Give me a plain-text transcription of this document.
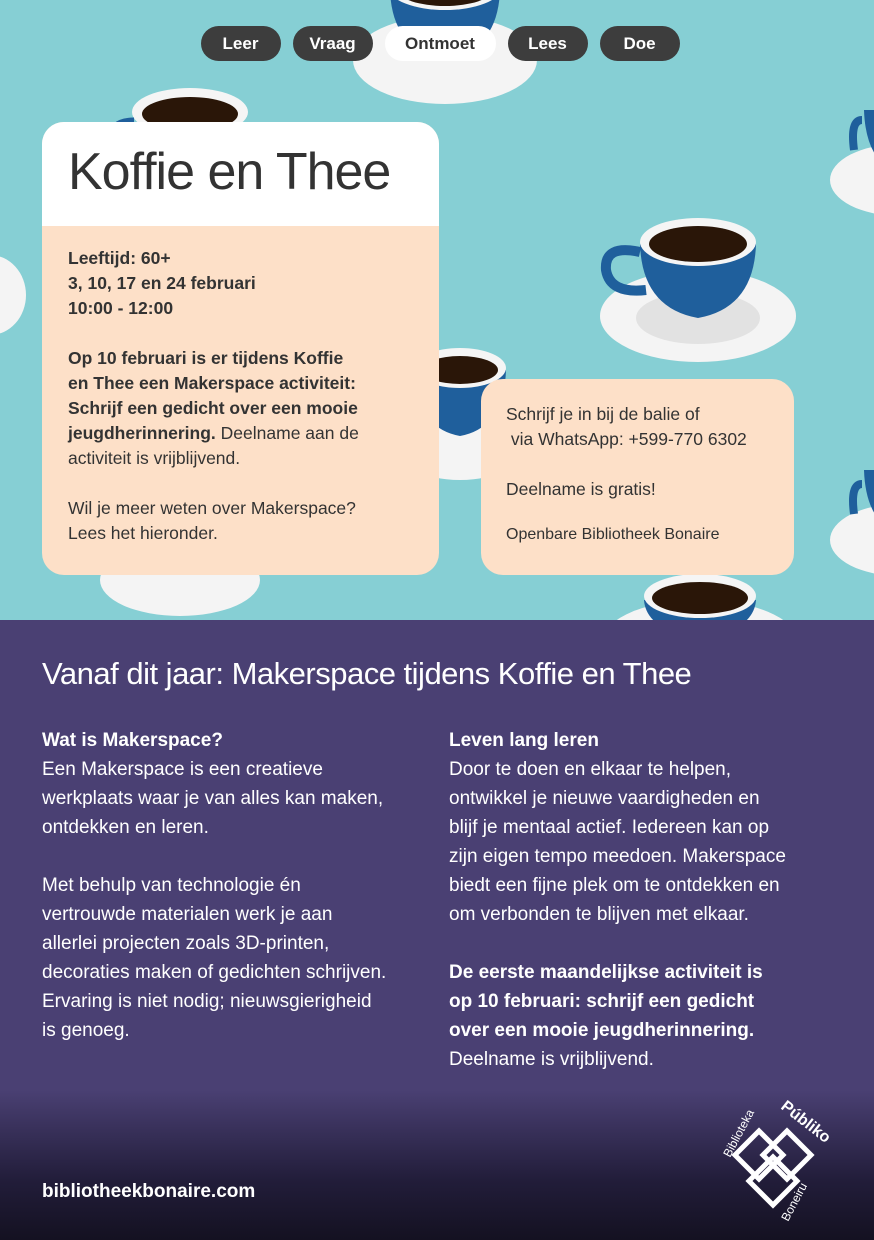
Leer	Vraag	Ontmoet	Lees	Doe
Koffie en Thee
Leeftijd: 60+
3, 10, 17 en 24 februari
10:00 - 12:00
Op 10 februari is er tijdens Koffie
en Thee een Makerspace activiteit:
Schrijf een gedicht over een mooie
jeugdherinnering. Deelname aan de
activiteit is vrijblijvend.
Wil je meer weten over Makerspace?
Lees het hieronder.
Schrijf je in bij de balie of
via WhatsApp: +599-770 6302
Deelname is gratis!
Openbare Bibliotheek Bonaire
Vanaf dit jaar: Makerspace tijdens Koffie en Thee
Wat is Makerspace?
Een Makerspace is een creatieve
werkplaats waar je van alles kan maken,
ontdekken en leren.
Met behulp van technologie én
vertrouwde materialen werk je aan
allerlei projecten zoals 3D-printen,
decoraties maken of gedichten schrijven.
Ervaring is niet nodig; nieuwsgierigheid
is genoeg.
Leven lang leren
Door te doen en elkaar te helpen,
ontwikkel je nieuwe vaardigheden en
blijf je mentaal actief. Iedereen kan op
zijn eigen tempo meedoen. Makerspace
biedt een fijne plek om te ontdekken en
om verbonden te blijven met elkaar.
De eerste maandelijkse activiteit is
op 10 februari: schrijf een gedicht
over een mooie jeugdherinnering.
Deelname is vrijblijvend.
bibliotheekbonaire.com
Biblioteka Públiko
Boneiru
